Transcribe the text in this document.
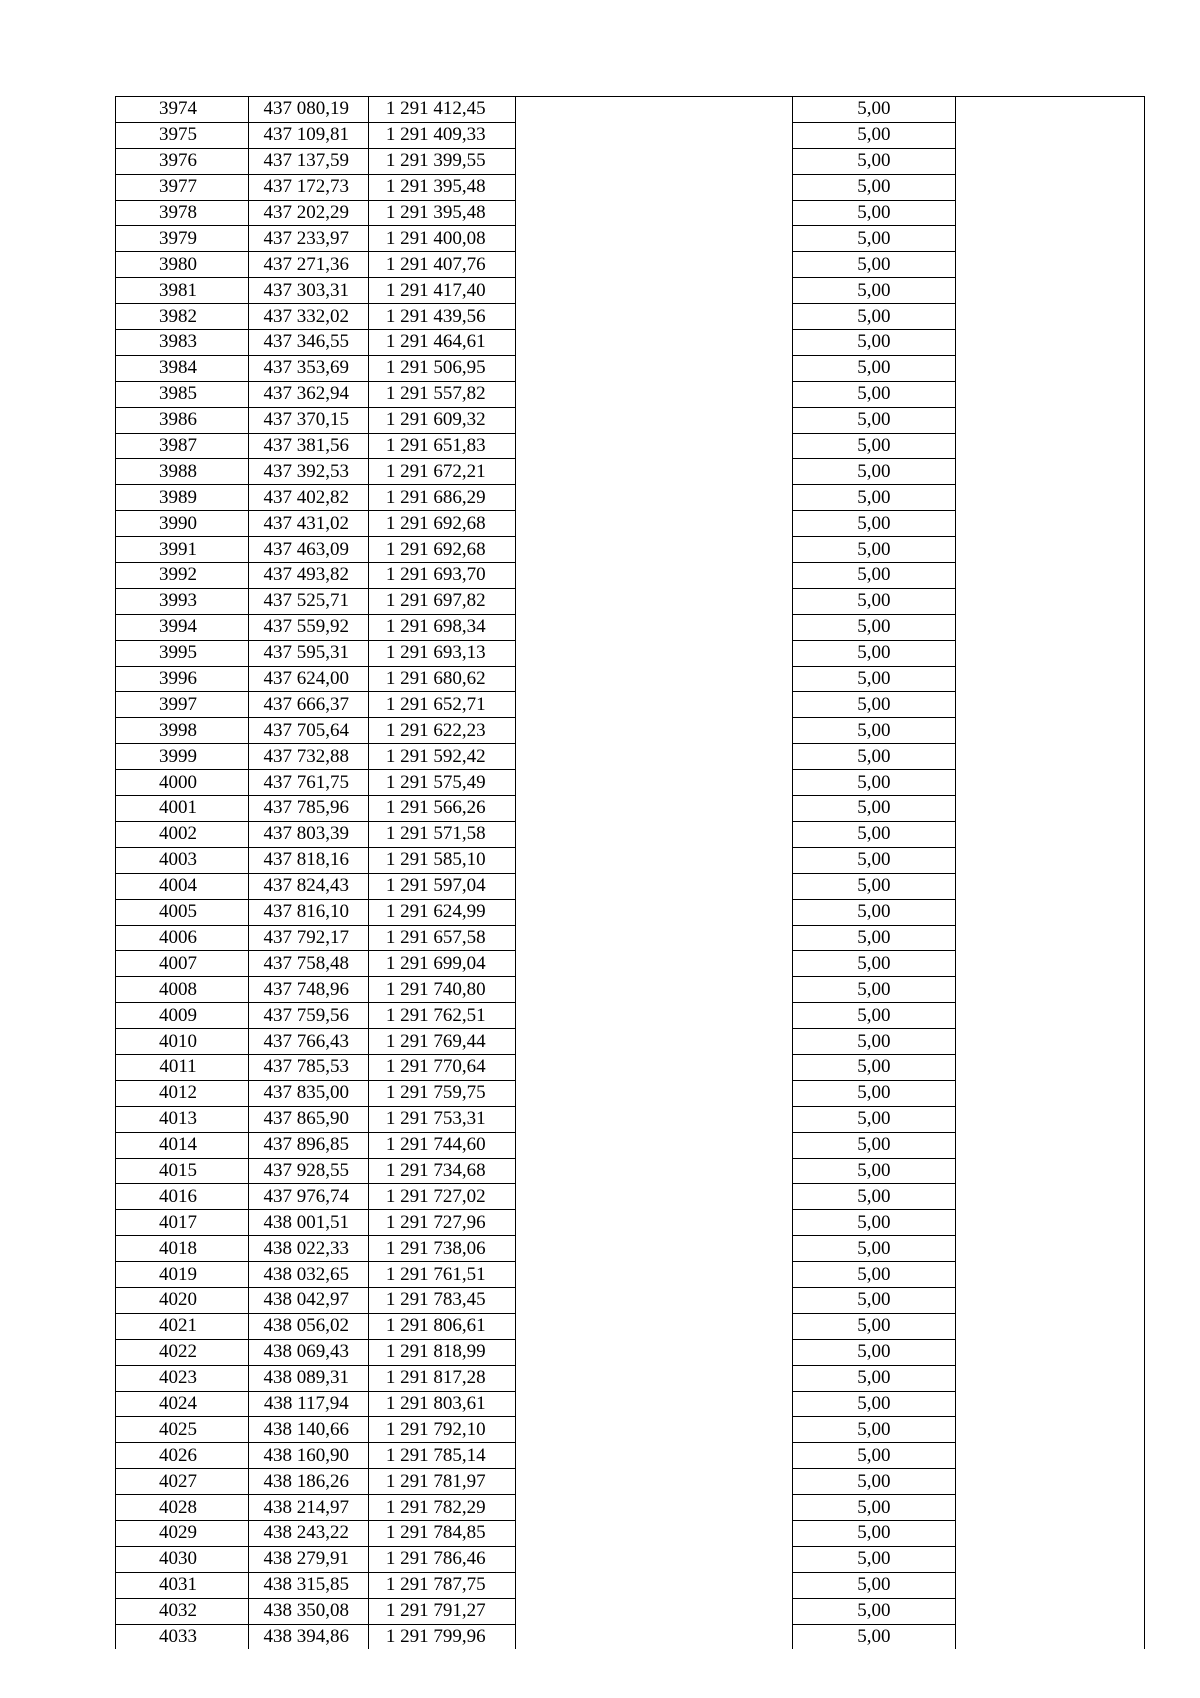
3974	437 080,19	1 291 412,45		5,00	
3975	437 109,81	1 291 409,33		5,00	
3976	437 137,59	1 291 399,55		5,00	
3977	437 172,73	1 291 395,48		5,00	
3978	437 202,29	1 291 395,48		5,00	
3979	437 233,97	1 291 400,08		5,00	
3980	437 271,36	1 291 407,76		5,00	
3981	437 303,31	1 291 417,40		5,00	
3982	437 332,02	1 291 439,56		5,00	
3983	437 346,55	1 291 464,61		5,00	
3984	437 353,69	1 291 506,95		5,00	
3985	437 362,94	1 291 557,82		5,00	
3986	437 370,15	1 291 609,32		5,00	
3987	437 381,56	1 291 651,83		5,00	
3988	437 392,53	1 291 672,21		5,00	
3989	437 402,82	1 291 686,29		5,00	
3990	437 431,02	1 291 692,68		5,00	
3991	437 463,09	1 291 692,68		5,00	
3992	437 493,82	1 291 693,70		5,00	
3993	437 525,71	1 291 697,82		5,00	
3994	437 559,92	1 291 698,34		5,00	
3995	437 595,31	1 291 693,13		5,00	
3996	437 624,00	1 291 680,62		5,00	
3997	437 666,37	1 291 652,71		5,00	
3998	437 705,64	1 291 622,23		5,00	
3999	437 732,88	1 291 592,42		5,00	
4000	437 761,75	1 291 575,49		5,00	
4001	437 785,96	1 291 566,26		5,00	
4002	437 803,39	1 291 571,58		5,00	
4003	437 818,16	1 291 585,10		5,00	
4004	437 824,43	1 291 597,04		5,00	
4005	437 816,10	1 291 624,99		5,00	
4006	437 792,17	1 291 657,58		5,00	
4007	437 758,48	1 291 699,04		5,00	
4008	437 748,96	1 291 740,80		5,00	
4009	437 759,56	1 291 762,51		5,00	
4010	437 766,43	1 291 769,44		5,00	
4011	437 785,53	1 291 770,64		5,00	
4012	437 835,00	1 291 759,75		5,00	
4013	437 865,90	1 291 753,31		5,00	
4014	437 896,85	1 291 744,60		5,00	
4015	437 928,55	1 291 734,68		5,00	
4016	437 976,74	1 291 727,02		5,00	
4017	438 001,51	1 291 727,96		5,00	
4018	438 022,33	1 291 738,06		5,00	
4019	438 032,65	1 291 761,51		5,00	
4020	438 042,97	1 291 783,45		5,00	
4021	438 056,02	1 291 806,61		5,00	
4022	438 069,43	1 291 818,99		5,00	
4023	438 089,31	1 291 817,28		5,00	
4024	438 117,94	1 291 803,61		5,00	
4025	438 140,66	1 291 792,10		5,00	
4026	438 160,90	1 291 785,14		5,00	
4027	438 186,26	1 291 781,97		5,00	
4028	438 214,97	1 291 782,29		5,00	
4029	438 243,22	1 291 784,85		5,00	
4030	438 279,91	1 291 786,46		5,00	
4031	438 315,85	1 291 787,75		5,00	
4032	438 350,08	1 291 791,27		5,00	
4033	438 394,86	1 291 799,96		5,00	
